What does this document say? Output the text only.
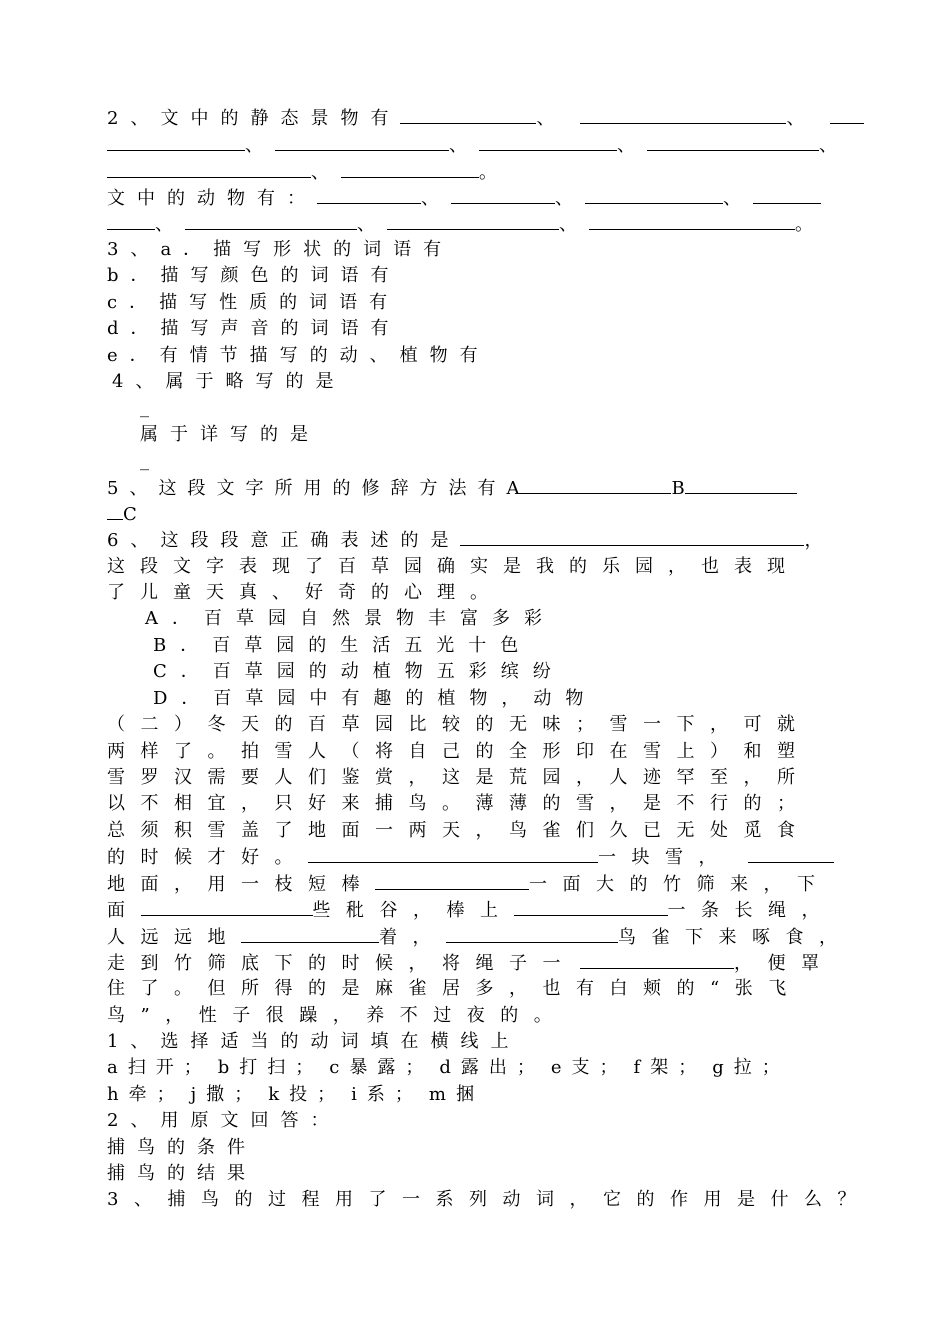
2、文中的静态景物有	、	、
、	、	、	、
、	。
文中的动物有：	、	、	、
、	、	、	。
3、a．描写形状的词语有
b．描写颜色的词语有
c．描写性质的词语有
d．描写声音的词语有
e．有情节描写的动、植物有
4、属于略写的是
_
属于详写的是
_
5、这段文字所用的修辞方法有A	B
C
6、这段段意正确表述的是	，
这段文字表现了百草园确实是我的乐园，也表现
了儿童天真、好奇的心理。
A．百草园自然景物丰富多彩
B．百草园的生活五光十色
C．百草园的动植物五彩缤纷
D．百草园中有趣的植物，动物
（二）冬天的百草园比较的无味；雪一下，可就
两样了。拍雪人（将自己的全形印在雪上）和塑
雪罗汉需要人们鉴赏，这是荒园，人迹罕至，所
以不相宜，只好来捕鸟。薄薄的雪，是不行的；
总须积雪盖了地面一两天，鸟雀们久已无处觅食
的时候才好。	一块雪，
地面，用一枝短棒	一面大的竹筛来，下
面	些秕谷，棒上	一条长绳，
人远远地	着，	鸟雀下来啄食，
走到竹筛底下的时候，将绳子一	，便罩
住了。但所得的是麻雀居多，也有白颊的“张飞
鸟”，性子很躁，养不过夜的。
1、选择适当的动词填在横线上
a扫开； b打扫； c暴露； d露出； e支； f架； g拉；
h牵； j撒； k投； i系； m捆
2、用原文回答：
捕鸟的条件
捕鸟的结果
3、捕鸟的过程用了一系列动词，它的作用是什么？
